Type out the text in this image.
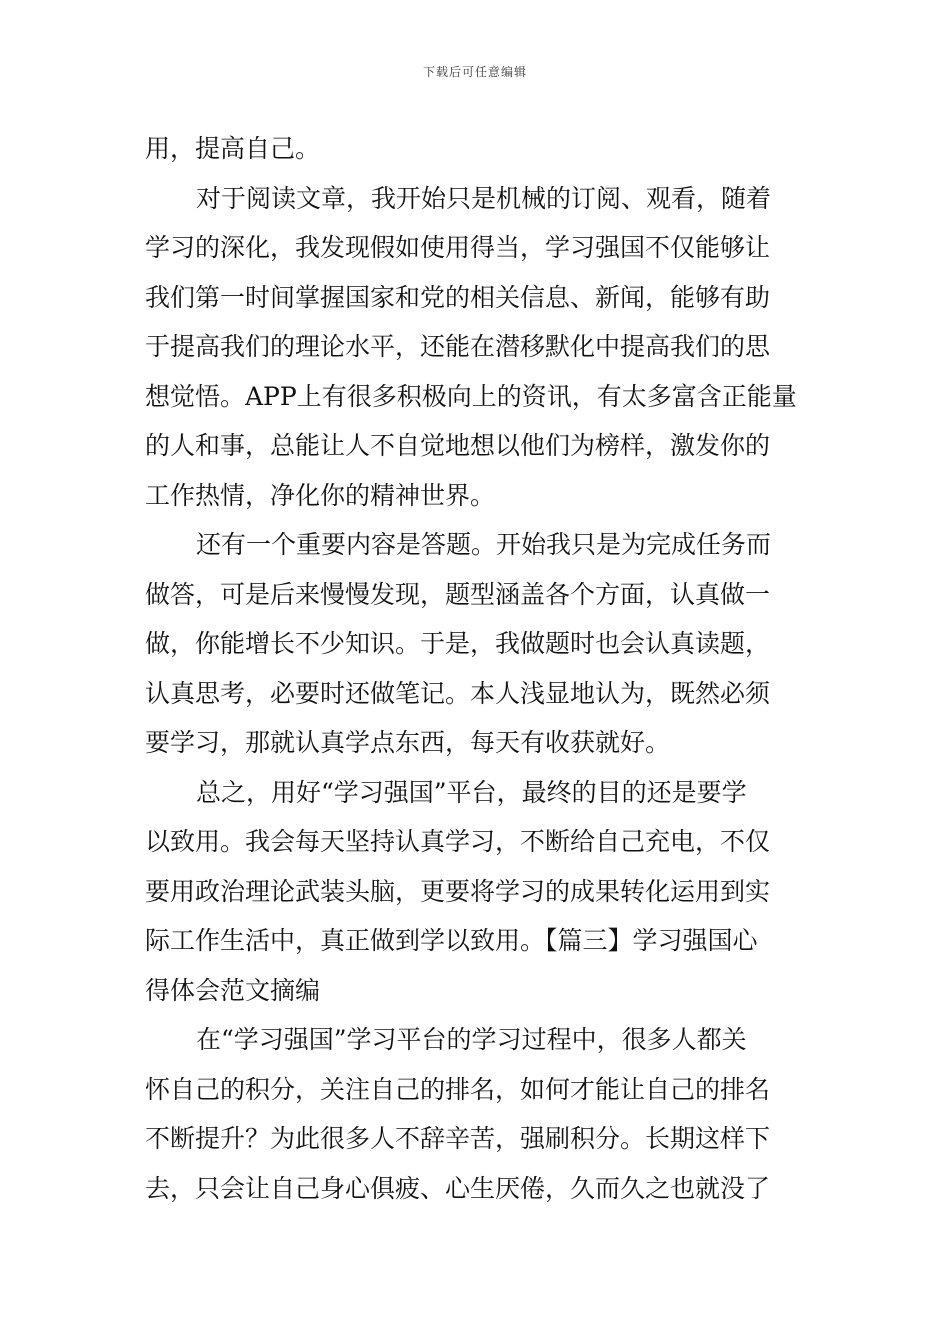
下载后可任意编辑
用，提高自己。
对于阅读文章，我开始只是机械的订阅、观看，随着
学习的深化，我发现假如使用得当，学习强国不仅能够让
我们第一时间掌握国家和党的相关信息、新闻，能够有助
于提高我们的理论水平，还能在潜移默化中提高我们的思
想觉悟。APP上有很多积极向上的资讯，有太多富含正能量
的人和事，总能让人不自觉地想以他们为榜样，激发你的
工作热情，净化你的精神世界。
还有一个重要内容是答题。开始我只是为完成任务而
做答，可是后来慢慢发现，题型涵盖各个方面，认真做一
做，你能增长不少知识。于是，我做题时也会认真读题，
认真思考，必要时还做笔记。本人浅显地认为，既然必须
要学习，那就认真学点东西，每天有收获就好。
总之，用好“学习强国”平台，最终的目的还是要学
以致用。我会每天坚持认真学习，不断给自己充电，不仅
要用政治理论武装头脑，更要将学习的成果转化运用到实
际工作生活中，真正做到学以致用。【篇三】学习强国心
得体会范文摘编
在“学习强国”学习平台的学习过程中，很多人都关
怀自己的积分，关注自己的排名，如何才能让自己的排名
不断提升？为此很多人不辞辛苦，强刷积分。长期这样下
去，只会让自己身心俱疲、心生厌倦，久而久之也就没了
